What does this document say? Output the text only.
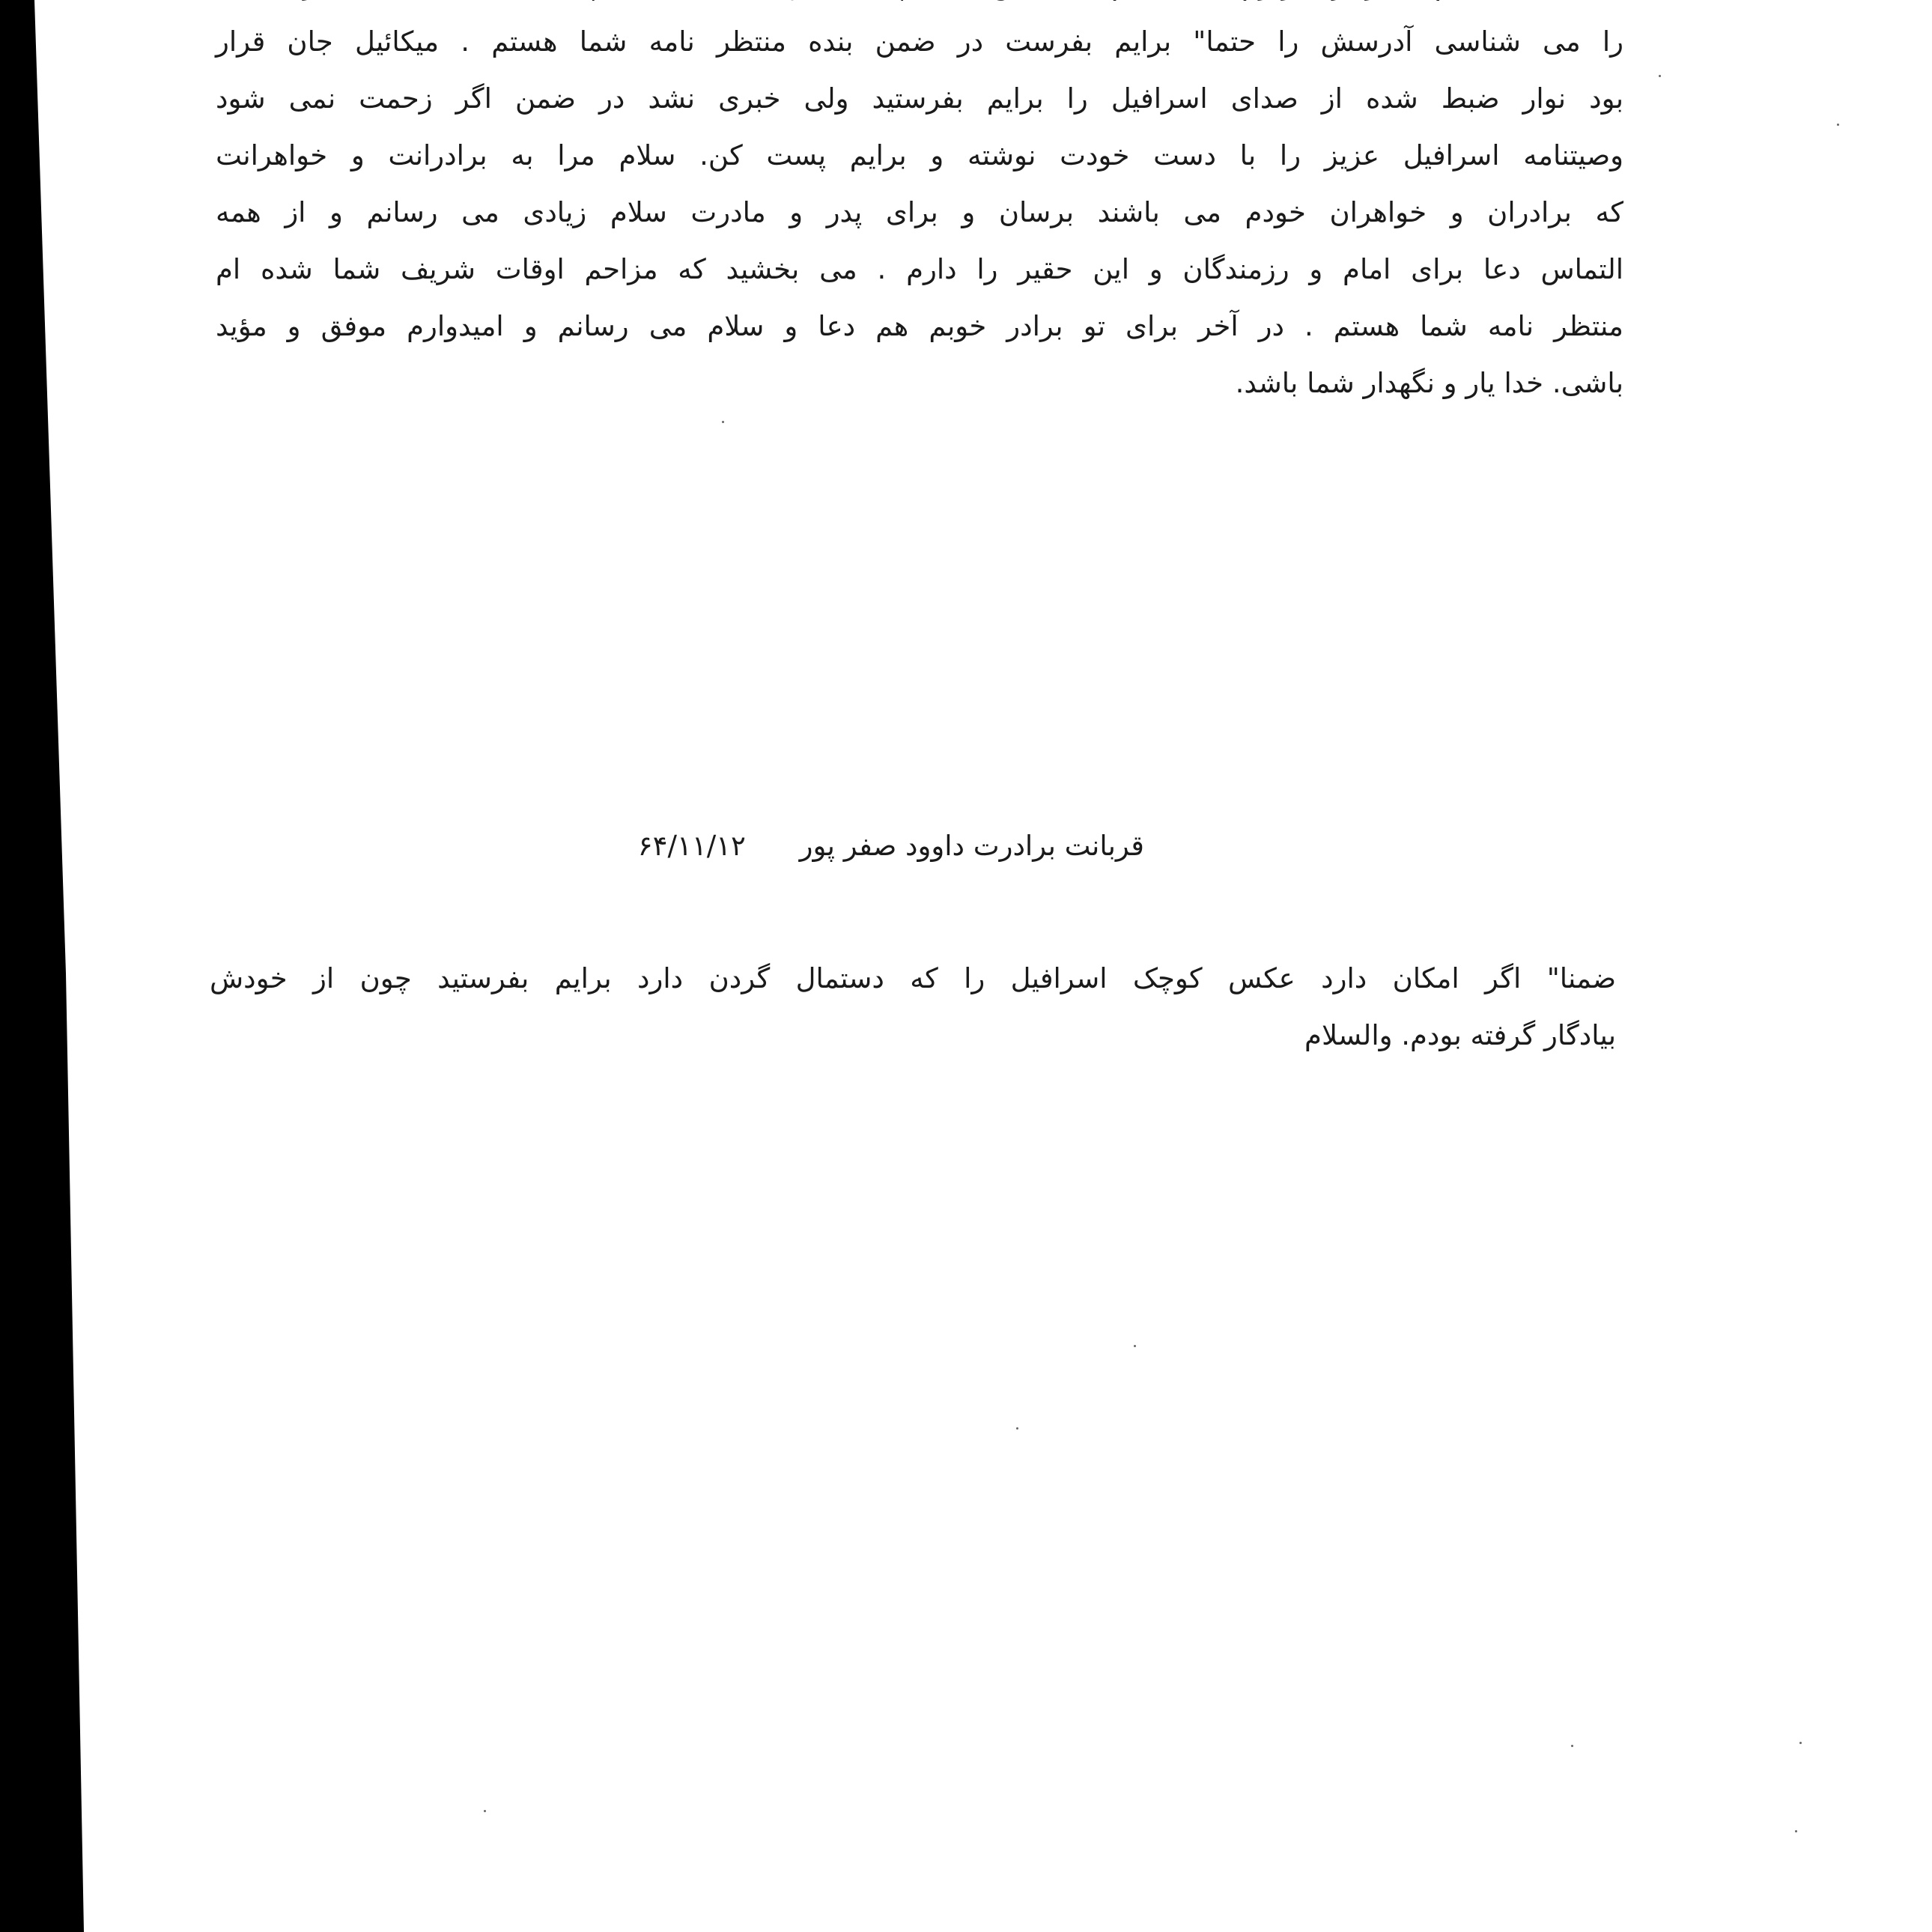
را می شناسی آدرسش را حتما" برایم بفرست در ضمن بنده منتظر نامه شما هستم . میکائیل جان قرار
بود نوار ضبط شده از صدای اسرافیل را برایم بفرستید ولی خبری نشد در ضمن اگر زحمت نمی شود
وصیتنامه اسرافیل عزیز را با دست خودت نوشته و برایم پست کن. سلام مرا به برادرانت و خواهرانت
که برادران و خواهران خودم می باشند برسان و برای پدر و مادرت سلام زیادی می رسانم و از همه
التماس دعا برای امام و رزمندگان و این حقیر را دارم . می بخشید که مزاحم اوقات شریف شما شده ام
منتظر نامه شما هستم . در آخر برای تو برادر خوبم هم دعا و سلام می رسانم و امیدوارم موفق و مؤید
باشی. خدا یار و نگهدار شما باشد.
قربانت برادرت داوود صفر پور ۶۴/۱۱/۱۲
ضمنا" اگر امکان دارد عکس کوچک اسرافیل را که دستمال گردن دارد برایم بفرستید چون از خودش
بیادگار گرفته بودم. والسلام
